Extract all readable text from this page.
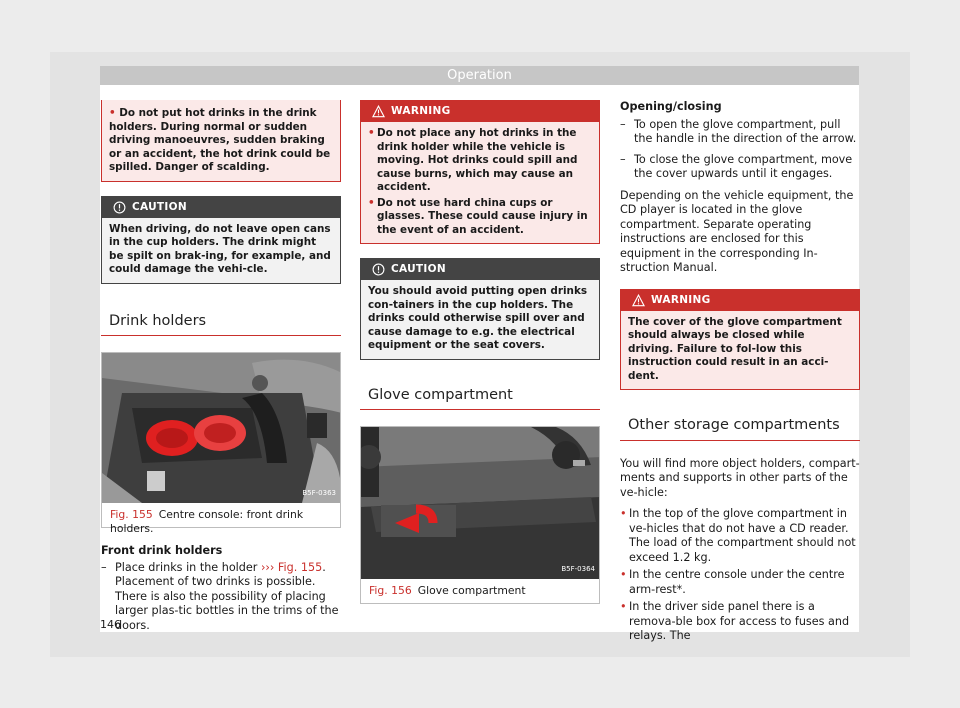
Operation
• Do not put hot drinks in the drink holders. During normal or sudden driving manoeuvres, sudden braking or an accident, the hot drink could be spilled. Danger of scalding.
CAUTION
When driving, do not leave open cans in the cup holders. The drink might be spilt on brak-ing, for example, and could damage the vehi-cle.
Drink holders
B5F-0363
Fig. 155 Centre console: front drink holders.

Front drink holders

– Place drinks in the holder ››› Fig. 155. Placement of two drinks is possible. There is also the possibility of placing larger plas-tic bottles in the trims of the doors.
WARNING
• Do not place any hot drinks in the drink holder while the vehicle is moving. Hot drinks could spill and cause burns, which may cause an accident.
• Do not use hard china cups or glasses. These could cause injury in the event of an accident.
CAUTION
You should avoid putting open drinks con-tainers in the cup holders. The drinks could otherwise spill over and cause damage to e.g. the electrical equipment or the seat covers.
Glove compartment
B5F-0364
Fig. 156 Glove compartment

Opening/closing

– To open the glove compartment, pull the handle in the direction of the arrow.
– To close the glove compartment, move the cover upwards until it engages.

Depending on the vehicle equipment, the CD player is located in the glove compartment. Separate operating instructions are enclosed for this equipment in the corresponding In-struction Manual.

WARNING
The cover of the glove compartment should always be closed while driving. Failure to fol-low this instruction could result in an acci-dent.
Other storage compartments

You will find more object holders, compart-ments and supports in other parts of the ve-hicle:

• In the top of the glove compartment in ve-hicles that do not have a CD reader. The load of the compartment should not exceed 1.2 kg.
• In the centre console under the centre arm-rest*.
• In the driver side panel there is a remova-ble box for access to fuses and relays. The
146
